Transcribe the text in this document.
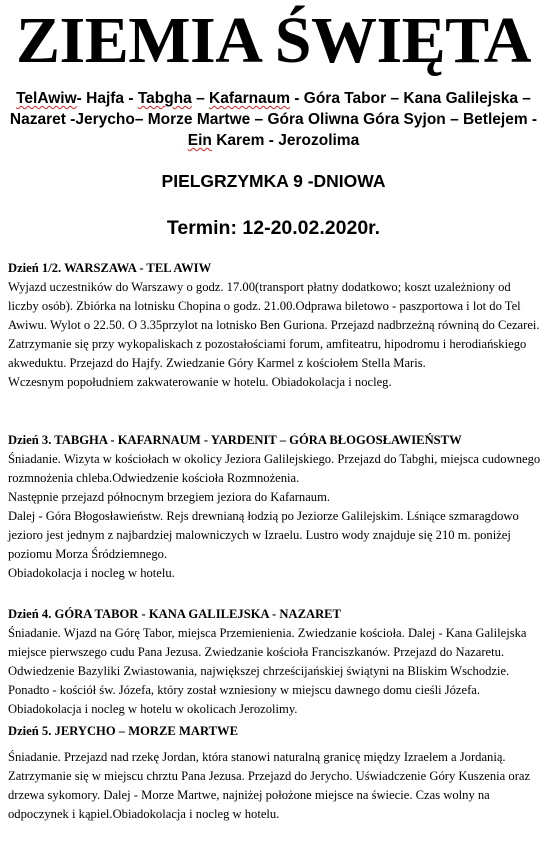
ZIEMIA ŚWIĘTA
TelAwiw- Hajfa - Tabgha – Kafarnaum - Góra Tabor – Kana Galilejska – Nazaret -Jerycho– Morze Martwe – Góra Oliwna Góra Syjon – Betlejem - Ein Karem - Jerozolima
PIELGRZYMKA 9 -DNIOWA
Termin: 12-20.02.2020r.
Dzień 1/2. WARSZAWA - TEL AWIW

Wyjazd uczestników do Warszawy o godz. 17.00(transport płatny dodatkowo; koszt uzależniony od liczby osób). Zbiórka na lotnisku Chopina o godz. 21.00.Odprawa biletowo - paszportowa i lot do Tel Awiwu. Wylot o 22.50. O 3.35przylot na lotnisko Ben Guriona. Przejazd nadbrzeżną równiną do Cezarei. Zatrzymanie się przy wykopaliskach z pozostałościami forum, amfiteatru, hipodromu i herodiańskiego akweduktu. Przejazd do Hajfy. Zwiedzanie Góry Karmel z kościołem Stella Maris.

Wczesnym popołudniem zakwaterowanie w hotelu. Obiadokolacja i nocleg.

Dzień 3. TABGHA - KAFARNAUM - YARDENIT – GÓRA BŁOGOSŁAWIEŃSTW

Śniadanie. Wizyta w kościołach w okolicy Jeziora Galilejskiego. Przejazd do Tabghi, miejsca cudownego rozmnożenia chleba.Odwiedzenie kościoła Rozmnożenia.

Następnie przejazd północnym brzegiem jeziora do Kafarnaum.

Dalej - Góra Błogosławieństw. Rejs drewnianą łodzią po Jeziorze Galilejskim. Lśniące szmaragdowo jezioro jest jednym z najbardziej malowniczych w Izraelu. Lustro wody znajduje się 210 m. poniżej poziomu Morza Śródziemnego.

Obiadokolacja i nocleg w hotelu.

Dzień 4. GÓRA TABOR - KANA GALILEJSKA - NAZARET

Śniadanie. Wjazd na Górę Tabor, miejsca Przemienienia. Zwiedzanie kościoła. Dalej - Kana Galilejska miejsce pierwszego cudu Pana Jezusa. Zwiedzanie kościoła Franciszkanów. Przejazd do Nazaretu. Odwiedzenie Bazyliki Zwiastowania, największej chrześcijańskiej świątyni na Bliskim Wschodzie. Ponadto - kościół św. Józefa, który został wzniesiony w miejscu dawnego domu cieśli Józefa. Obiadokolacja i nocleg w hotelu w okolicach Jerozolimy.

Dzień 5. JERYCHO – MORZE MARTWE

Śniadanie. Przejazd nad rzekę Jordan, która stanowi naturalną granicę między Izraelem a Jordanią. Zatrzymanie się w miejscu chrztu Pana Jezusa. Przejazd do Jerycho. Uświadczenie Góry Kuszenia oraz drzewa sykomory. Dalej - Morze Martwe, najniżej położone miejsce na świecie. Czas wolny na odpoczynek i kąpiel.Obiadokolacja i nocleg w hotelu.
